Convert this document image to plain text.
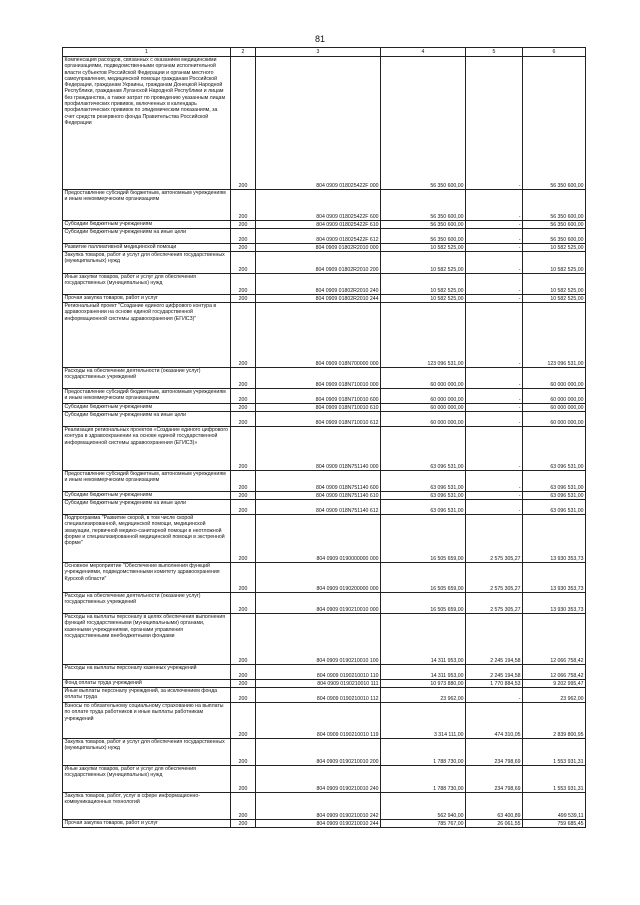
81
1	2	3	4	5	6
Компенсация расходов, связанных с оказанием медицинскими организациями, подведомственными органам исполнительной власти субъектов Российской Федерации и органам местного самоуправления, медицинской помощи гражданам Российской Федерации, гражданам Украины, гражданам Донецкой Народной Республики, гражданам Луганской Народной Республики и лицам без гражданства, а также затрат по проведению указанным лицам профилактических прививок, включенных в календарь профилактических прививок по эпидемическим показаниям, за счет средств резервного фонда Правительства Российской Федерации	200	804 0909 018025422F 000	56 350 600,00	-	56 350 600,00
Предоставление субсидий бюджетным, автономным учреждениям и иным некоммерческим организациям	200	804 0909 018025422F 600	56 350 600,00	-	56 350 600,00
Субсидии бюджетным учреждениям	200	804 0909 018025422F 610	56 350 600,00	-	56 350 600,00
Субсидии бюджетным учреждениям на иные цели	200	804 0909 018025422F 612	56 350 600,00	-	56 350 600,00
Развитие паллиативной медицинской помощи	200	804 0909 01802R2010 000	10 582 525,00	-	10 582 525,00
Закупка товаров, работ и услуг для обеспечения государственных (муниципальных) нужд	200	804 0909 01802R2010 200	10 582 525,00	-	10 582 525,00
Иные закупки товаров, работ и услуг для обеспечения государственных (муниципальных) нужд	200	804 0909 01802R2010 240	10 582 525,00	-	10 582 525,00
Прочая закупка товаров, работ и услуг	200	804 0909 01802R2010 244	10 582 525,00	-	10 582 525,00
Региональный проект "Создание единого цифрового контура в здравоохранении на основе единой государственной информационной системы здравоохранения (ЕГИСЗ)"	200	804 0909 018N700000 000	123 096 531,00	-	123 096 531,00
Расходы на обеспечение деятельности (оказание услуг) государственных учреждений	200	804 0909 018N710010 000	60 000 000,00	-	60 000 000,00
Предоставление субсидий бюджетным, автономным учреждениям и иным некоммерческим организациям	200	804 0909 018N710010 600	60 000 000,00	-	60 000 000,00
Субсидии бюджетным учреждениям	200	804 0909 018N710010 610	60 000 000,00	-	60 000 000,00
Субсидии бюджетным учреждениям на иные цели	200	804 0909 018N710010 612	60 000 000,00	-	60 000 000,00
Реализация региональных проектов «Создание единого цифрового контура в здравоохранении на основе единой государственной информационной системы здравоохранения (ЕГИСЗ)»	200	804 0909 018N751140 000	63 096 531,00	-	63 096 531,00
Предоставление субсидий бюджетным, автономным учреждениям и иным некоммерческим организациям	200	804 0909 018N751140 600	63 096 531,00	-	63 096 531,00
Субсидии бюджетным учреждениям	200	804 0909 018N751140 610	63 096 531,00	-	63 096 531,00
Субсидии бюджетным учреждениям на иные цели	200	804 0909 018N751140 612	63 096 531,00	-	63 096 531,00
Подпрограмма "Развитие скорой, в том числе скорой специализированной, медицинской помощи, медицинской эвакуации, первичной медико-санитарной помощи в неотложной форме и специализированной медицинской помощи в экстренной форме"	200	804 0909 0190000000 000	16 505 659,00	2 575 305,27	13 930 353,73
Основное мероприятие "Обеспечение выполнения функций учреждениями, подведомственными комитету здравоохранения Курской области"	200	804 0909 0190200000 000	16 505 659,00	2 575 305,27	13 930 353,73
Расходы на обеспечение деятельности (оказание услуг) государственных учреждений	200	804 0909 0190210010 000	16 505 659,00	2 575 305,27	13 930 353,73
Расходы на выплаты персоналу в целях обеспечения выполнения функций государственными (муниципальными) органами, казенными учреждениями, органами управления государственными внебюджетными фондами	200	804 0909 0190210010 100	14 311 953,00	2 245 194,58	12 066 758,42
Расходы на выплаты персоналу казенных учреждений	200	804 0909 0190210010 110	14 311 953,00	2 245 194,58	12 066 758,42
Фонд оплаты труда учреждений	200	804 0909 0190210010 111	10 973 880,00	1 770 884,53	9 202 995,47
Иные выплаты персоналу учреждений, за исключением фонда оплаты труда	200	804 0909 0190210010 112	23 962,00	-	23 962,00
Взносы по обязательному социальному страхованию на выплаты по оплате труда работников и иные выплаты работникам учреждений	200	804 0909 0190210010 119	3 314 111,00	474 310,05	2 839 800,95
Закупка товаров, работ и услуг для обеспечения государственных (муниципальных) нужд	200	804 0909 0190210010 200	1 788 730,00	234 798,69	1 553 931,31
Иные закупки товаров, работ и услуг для обеспечения государственных (муниципальных) нужд	200	804 0909 0190210010 240	1 788 730,00	234 798,69	1 553 931,31
Закупка товаров, работ, услуг в сфере информационно-коммуникационных технологий	200	804 0909 0190210010 242	562 940,00	63 400,89	499 539,11
Прочая закупка товаров, работ и услуг	200	804 0909 0190210010 244	785 767,00	26 061,55	759 685,45
